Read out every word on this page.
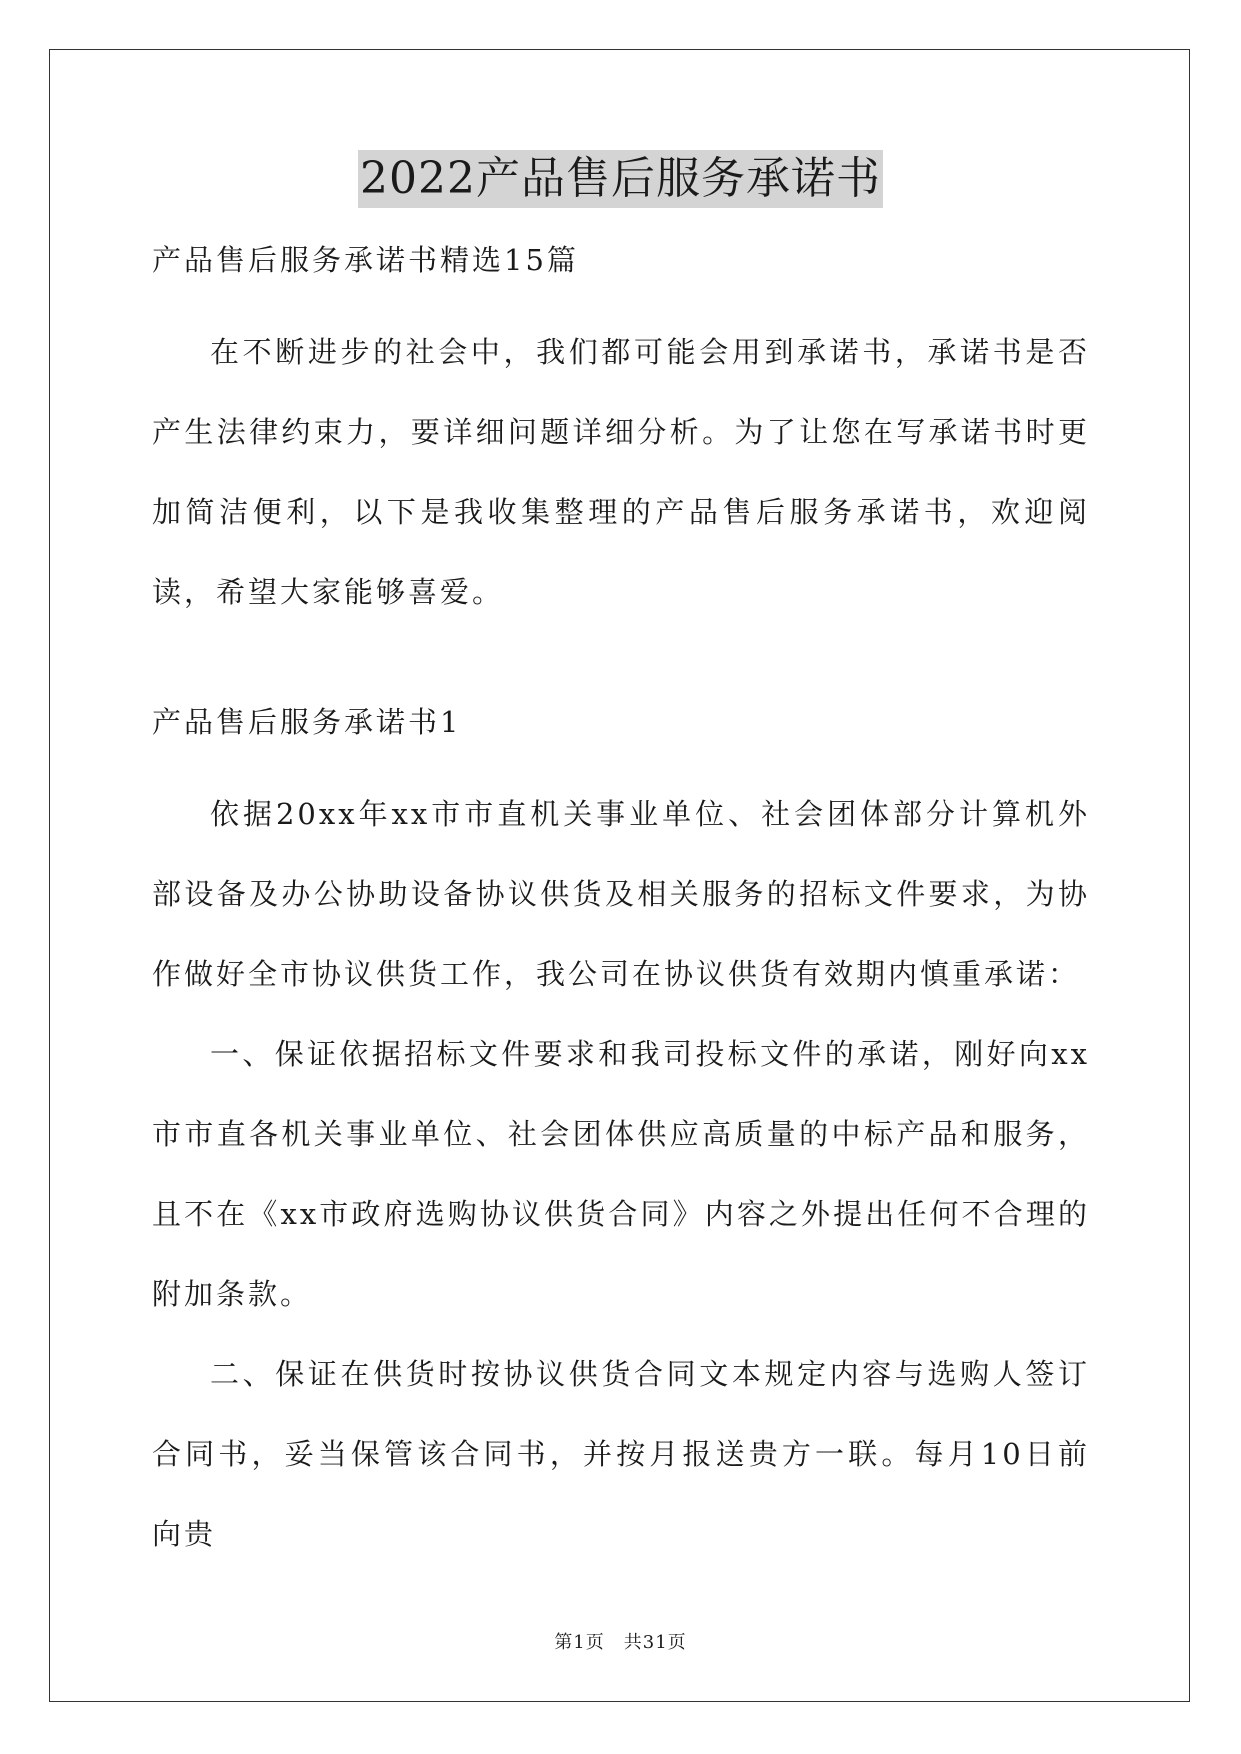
2022产品售后服务承诺书

产品售后服务承诺书精选15篇

在不断进步的社会中，我们都可能会用到承诺书，承诺书是否产生法律约束力，要详细问题详细分析。为了让您在写承诺书时更加简洁便利，以下是我收集整理的产品售后服务承诺书，欢迎阅读，希望大家能够喜爱。

产品售后服务承诺书1

依据20xx年xx市市直机关事业单位、社会团体部分计算机外部设备及办公协助设备协议供货及相关服务的招标文件要求，为协作做好全市协议供货工作，我公司在协议供货有效期内慎重承诺：

一、保证依据招标文件要求和我司投标文件的承诺，刚好向xx市市直各机关事业单位、社会团体供应高质量的中标产品和服务，且不在《xx市政府选购协议供货合同》内容之外提出任何不合理的附加条款。

二、保证在供货时按协议供货合同文本规定内容与选购人签订合同书，妥当保管该合同书，并按月报送贵方一联。每月10日前向贵

第1页　共31页
